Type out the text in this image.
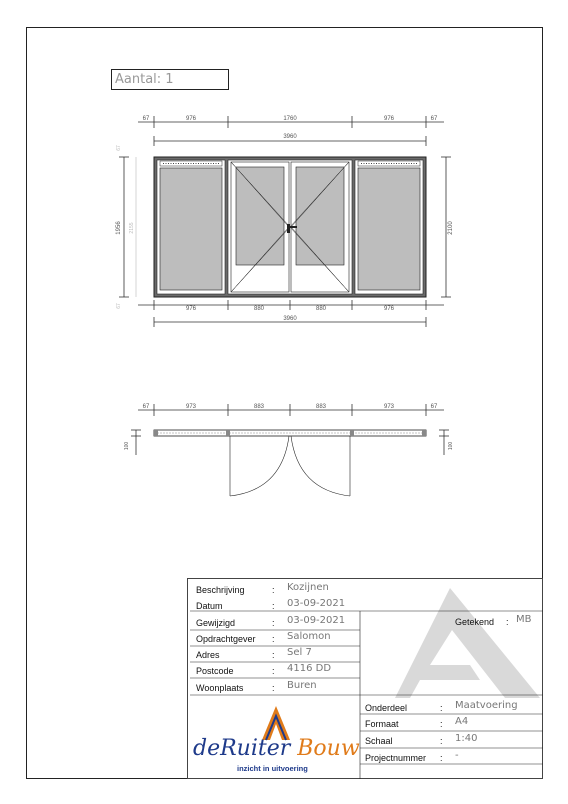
Aantal: 1
67	976	1760	976	67
3960
1956 2155
67
67
2100
976	880	880	976
3960
67	973	883	883	973	67
100	100
Beschrijving	: Kozijnen
Datum	: 03-09-2021
Gewijzigd	: 03-09-2021
Opdrachtgever : Salomon
Adres	: Sel 7
Postcode	: 4116 DD
Woonplaats	: Buren
Getekend : MB
Onderdeel	: Maatvoering
Formaat	: A4
Schaal	: 1:40
Projectnummer : -
deRuiter Bouw
inzicht in uitvoering
